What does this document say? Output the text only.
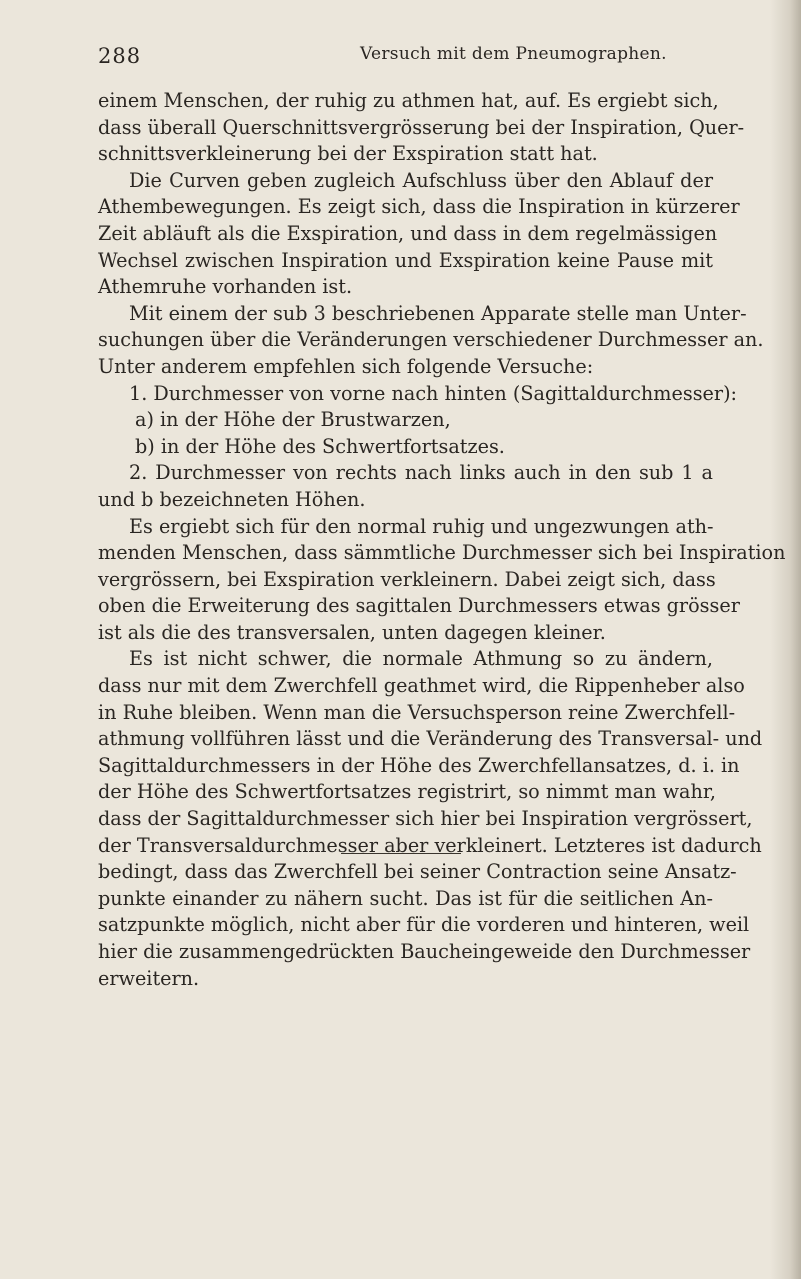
288	Versuch mit dem Pneumographen.
einem Menschen, der ruhig zu athmen hat, auf. Es ergiebt sich,
dass überall Querschnittsvergrösserung bei der Inspiration, Quer-
schnittsverkleinerung bei der Exspiration statt hat.
Die Curven geben zugleich Aufschluss über den Ablauf der
Athembewegungen. Es zeigt sich, dass die Inspiration in kürzerer
Zeit abläuft als die Exspiration, und dass in dem regelmässigen
Wechsel zwischen Inspiration und Exspiration keine Pause mit
Athemruhe vorhanden ist.
Mit einem der sub 3 beschriebenen Apparate stelle man Unter-
suchungen über die Veränderungen verschiedener Durchmesser an.
Unter anderem empfehlen sich folgende Versuche:
1. Durchmesser von vorne nach hinten (Sagittaldurchmesser):
a) in der Höhe der Brustwarzen,
b) in der Höhe des Schwertfortsatzes.
2. Durchmesser von rechts nach links auch in den sub 1 a
und b bezeichneten Höhen.
Es ergiebt sich für den normal ruhig und ungezwungen ath-
menden Menschen, dass sämmtliche Durchmesser sich bei Inspiration
vergrössern, bei Exspiration verkleinern. Dabei zeigt sich, dass
oben die Erweiterung des sagittalen Durchmessers etwas grösser
ist als die des transversalen, unten dagegen kleiner.
Es ist nicht schwer, die normale Athmung so zu ändern,
dass nur mit dem Zwerchfell geathmet wird, die Rippenheber also
in Ruhe bleiben. Wenn man die Versuchsperson reine Zwerchfell-
athmung vollführen lässt und die Veränderung des Transversal- und
Sagittaldurchmessers in der Höhe des Zwerchfellansatzes, d. i. in
der Höhe des Schwertfortsatzes registrirt, so nimmt man wahr,
dass der Sagittaldurchmesser sich hier bei Inspiration vergrössert,
der Transversaldurchmesser aber verkleinert. Letzteres ist dadurch
bedingt, dass das Zwerchfell bei seiner Contraction seine Ansatz-
punkte einander zu nähern sucht. Das ist für die seitlichen An-
satzpunkte möglich, nicht aber für die vorderen und hinteren, weil
hier die zusammengedrückten Baucheingeweide den Durchmesser
erweitern.
